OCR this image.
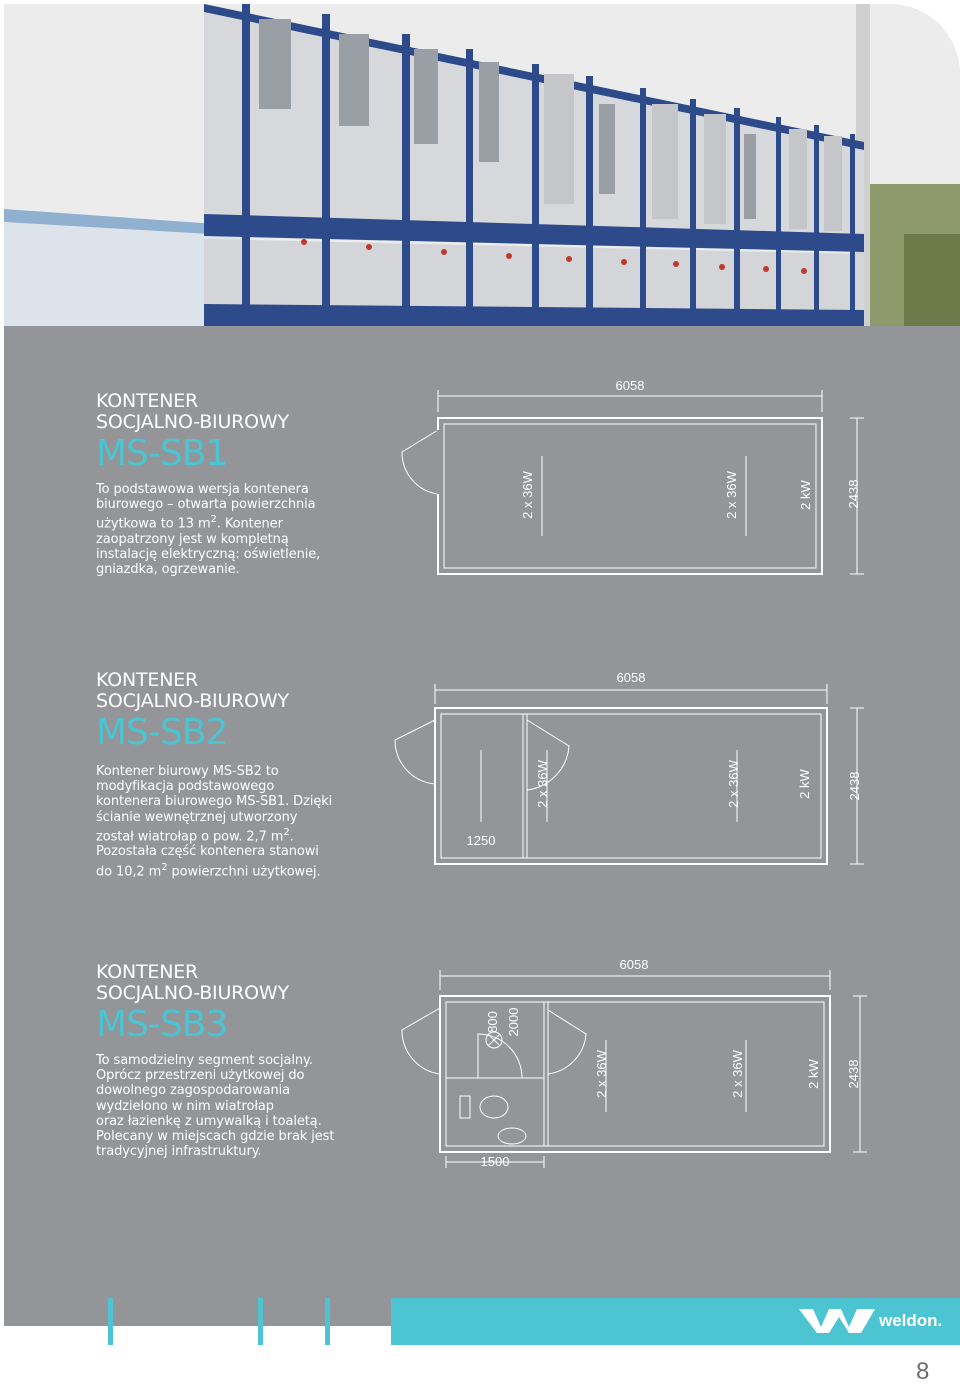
KONTENER
SOCJALNO-BIUROWY
MS-SB1
To podstawowa wersja kontenera
biurowego – otwarta powierzchnia
użytkowa to 13 $m^2$. Kontener
zaopatrzony jest w kompletną
instalację elektryczną: oświetlenie,
gniazdka, ogrzewanie.
6058
2438
2 x 36W	2 x 36W	2 kW
KONTENER
SOCJALNO-BIUROWY
MS-SB2
Kontener biurowy MS-SB2 to
modyfikacja podstawowego
kontenera biurowego MS-SB1. Dzięki
ścianie wewnętrznej utworzony
został wiatrołap o pow. 2,7 $m^2$.
Pozostała część kontenera stanowi
do 10,2 $m^2$ powierzchni użytkowej.
6058
2438
1250
2 x 36W	2 x 36W	2 kW
KONTENER
SOCJALNO-BIUROWY
MS-SB3
To samodzielny segment socjalny.
Oprócz przestrzeni użytkowej do
dowolnego zagospodarowania
wydzielono w nim wiatrołap
oraz łazienkę z umywalką i toaletą.
Polecany w miejscach gdzie brak jest
tradycyjnej infrastruktury.
1500
800 2000
6058
2438
2 x 36W	2 x 36W	2 kW
weldon.
8
